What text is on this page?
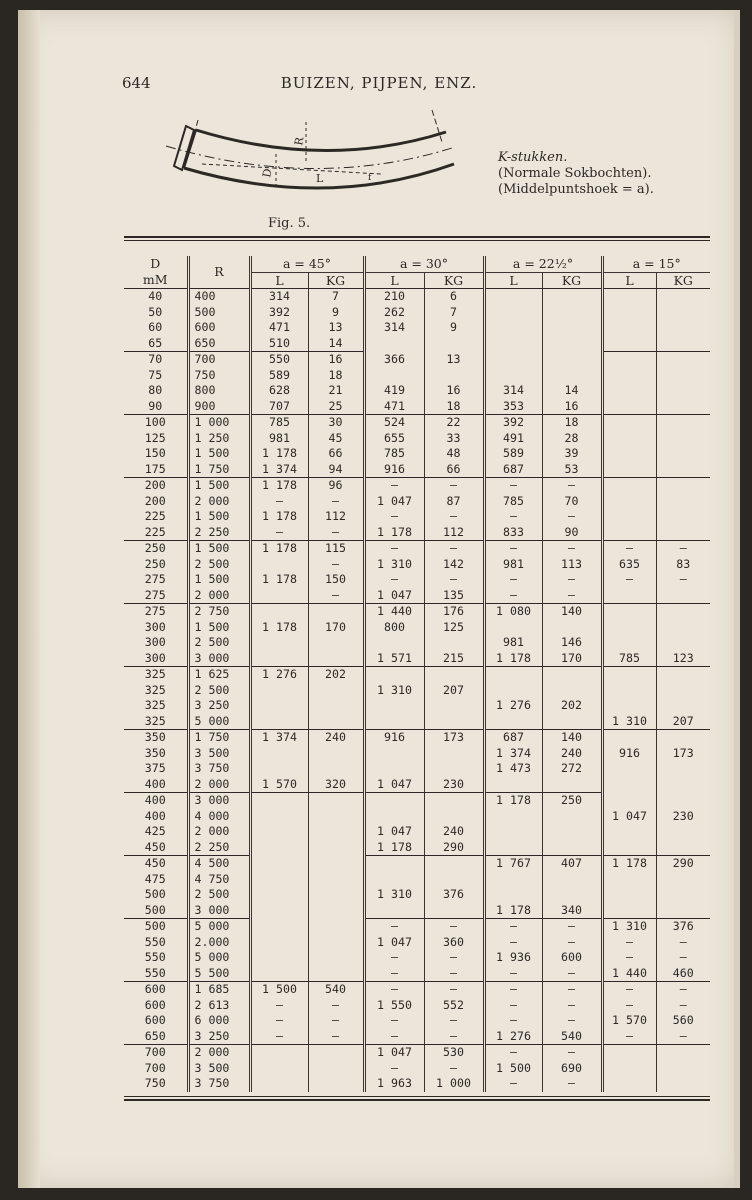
644	BUIZEN, PIJPEN, ENZ.
R
D	L	f
Fig. 5.
K-stukken.
(Normale Sokbochten).
(Middelpuntshoek = a).
D	R	a = 45°		a = 30°		a = 22½°		a = 15°	
mM		L	KG	L	KG	L	KG	L	KG
40	400	314	7	210	6				
50	500	392	9	262	7				
60	600	471	13	314	9				
65	650	510	14						
70	700	550	16	366	13				
75	750	589	18						
80	800	628	21	419	16	314	14		
90	900	707	25	471	18	353	16		
100	1 000	785	30	524	22	392	18		
125	1 250	981	45	655	33	491	28		
150	1 500	1 178	66	785	48	589	39		
175	1 750	1 374	94	916	66	687	53		
200	1 500	1 178	96	—	—	—	—		
200	2 000	—	—	1 047	87	785	70		
225	1 500	1 178	112	—	—	—	—		
225	2 250	—	—	1 178	112	833	90		
250	1 500	1 178	115	—	—	—	—	—	—
250	2 500		—	1 310	142	981	113	635	83
275	1 500	1 178	150	—	—	—	—	—	—
275	2 000		—	1 047	135	—	—		
275	2 750			1 440	176	1 080	140		
300	1 500	1 178	170	800	125				
300	2 500					981	146		
300	3 000			1 571	215	1 178	170	785	123
325	1 625	1 276	202						
325	2 500			1 310	207				
325	3 250					1 276	202		
325	5 000							1 310	207
350	1 750	1 374	240	916	173	687	140		
350	3 500					1 374	240	916	173
375	3 750					1 473	272		
400	2 000	1 570	320	1 047	230				
400	3 000					1 178	250		
400	4 000							1 047	230
425	2 000			1 047	240				
450	2 250			1 178	290				
450	4 500					1 767	407	1 178	290
475	4 750								
500	2 500			1 310	376				
500	3 000					1 178	340		
500	5 000			—	—	—	—	1 310	376
550	2.000			1 047	360	—	—	—	—
550	5 000			—	—	1 936	600	—	—
550	5 500			—	—	—	—	1 440	460
600	1 685	1 500	540	—	—	—	—	—	—
600	2 613	—	—	1 550	552	—	—	—	—
600	6 000	—	—	—	—	—	—	1 570	560
650	3 250	—	—	—	—	1 276	540	—	—
700	2 000			1 047	530	—	—		
700	3 500			—	—	1 500	690		
750	3 750			1 963	1 000	—	—		
